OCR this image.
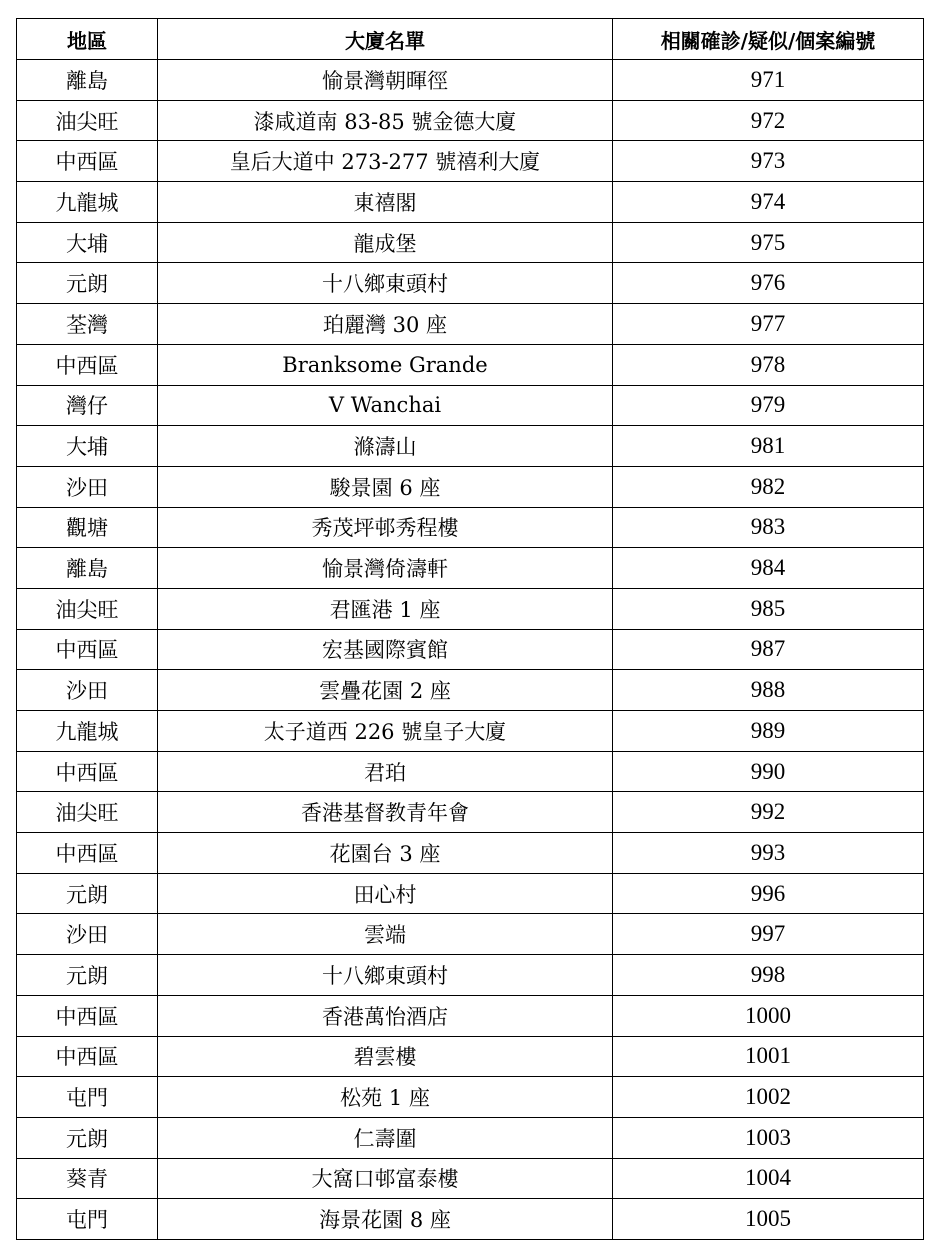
地區	大廈名單	相關確診/疑似/個案編號
離島	愉景灣朝暉徑	971
油尖旺	漆咸道南 83-85 號金德大廈	972
中西區	皇后大道中 273-277 號禧利大廈	973
九龍城	東禧閣	974
大埔	龍成堡	975
元朗	十八鄉東頭村	976
荃灣	珀麗灣 30 座	977
中西區	Branksome Grande	978
灣仔	V Wanchai	979
大埔	滌濤山	981
沙田	駿景園 6 座	982
觀塘	秀茂坪邨秀程樓	983
離島	愉景灣倚濤軒	984
油尖旺	君匯港 1 座	985
中西區	宏基國際賓館	987
沙田	雲疊花園 2 座	988
九龍城	太子道西 226 號皇子大廈	989
中西區	君珀	990
油尖旺	香港基督教青年會	992
中西區	花園台 3 座	993
元朗	田心村	996
沙田	雲端	997
元朗	十八鄉東頭村	998
中西區	香港萬怡酒店	1000
中西區	碧雲樓	1001
屯門	松苑 1 座	1002
元朗	仁壽圍	1003
葵青	大窩口邨富泰樓	1004
屯門	海景花園 8 座	1005
